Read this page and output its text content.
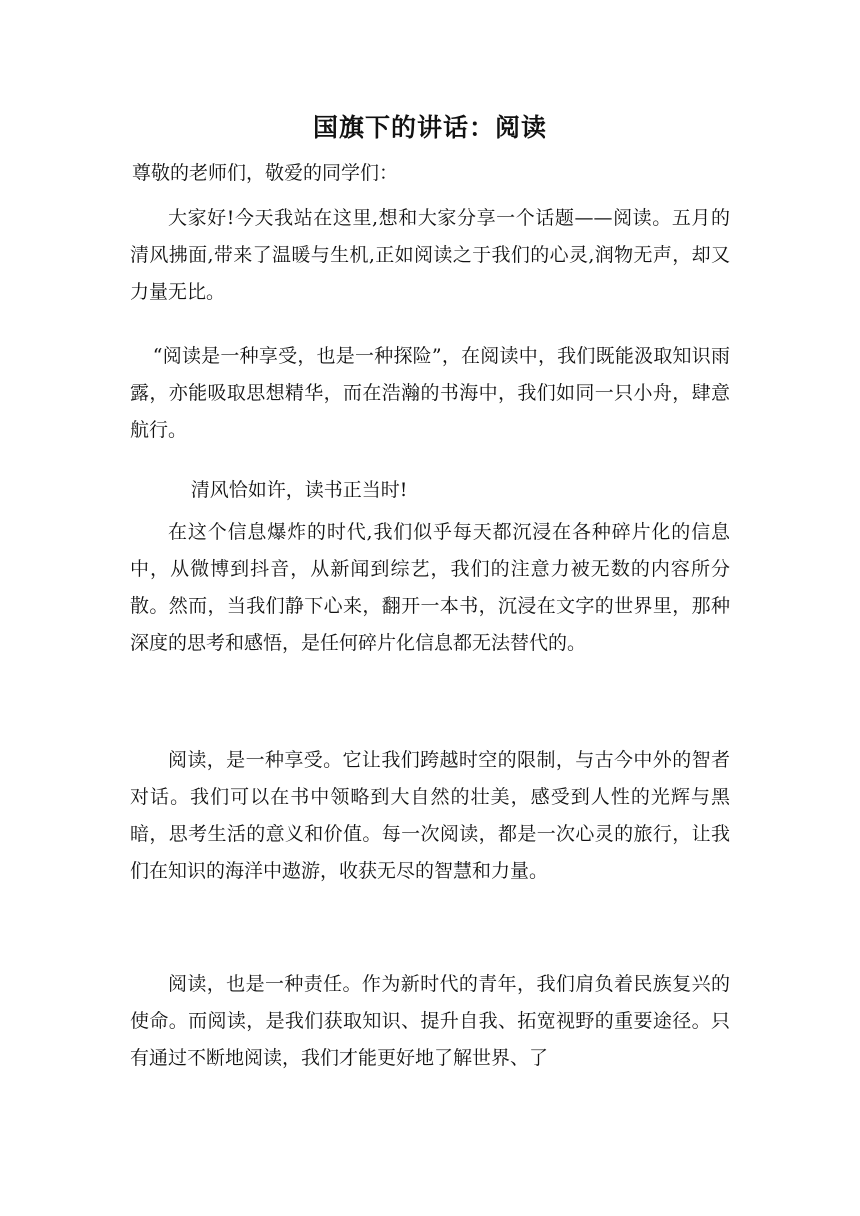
国旗下的讲话：阅读
尊敬的老师们，敬爱的同学们：

大家好!今天我站在这里,想和大家分享一个话题——阅读。五月的清风拂面,带来了温暖与生机,正如阅读之于我们的心灵,润物无声，却又力量无比。

“阅读是一种享受，也是一种探险”，在阅读中，我们既能汲取知识雨露，亦能吸取思想精华，而在浩瀚的书海中，我们如同一只小舟，肆意航行。

清风恰如许，读书正当时!

在这个信息爆炸的时代,我们似乎每天都沉浸在各种碎片化的信息中，从微博到抖音，从新闻到综艺，我们的注意力被无数的内容所分散。然而，当我们静下心来，翻开一本书，沉浸在文字的世界里，那种深度的思考和感悟，是任何碎片化信息都无法替代的。

阅读，是一种享受。它让我们跨越时空的限制，与古今中外的智者对话。我们可以在书中领略到大自然的壮美，感受到人性的光辉与黑暗，思考生活的意义和价值。每一次阅读，都是一次心灵的旅行，让我们在知识的海洋中遨游，收获无尽的智慧和力量。

阅读，也是一种责任。作为新时代的青年，我们肩负着民族复兴的使命。而阅读，是我们获取知识、提升自我、拓宽视野的重要途径。只有通过不断地阅读，我们才能更好地了解世界、了
